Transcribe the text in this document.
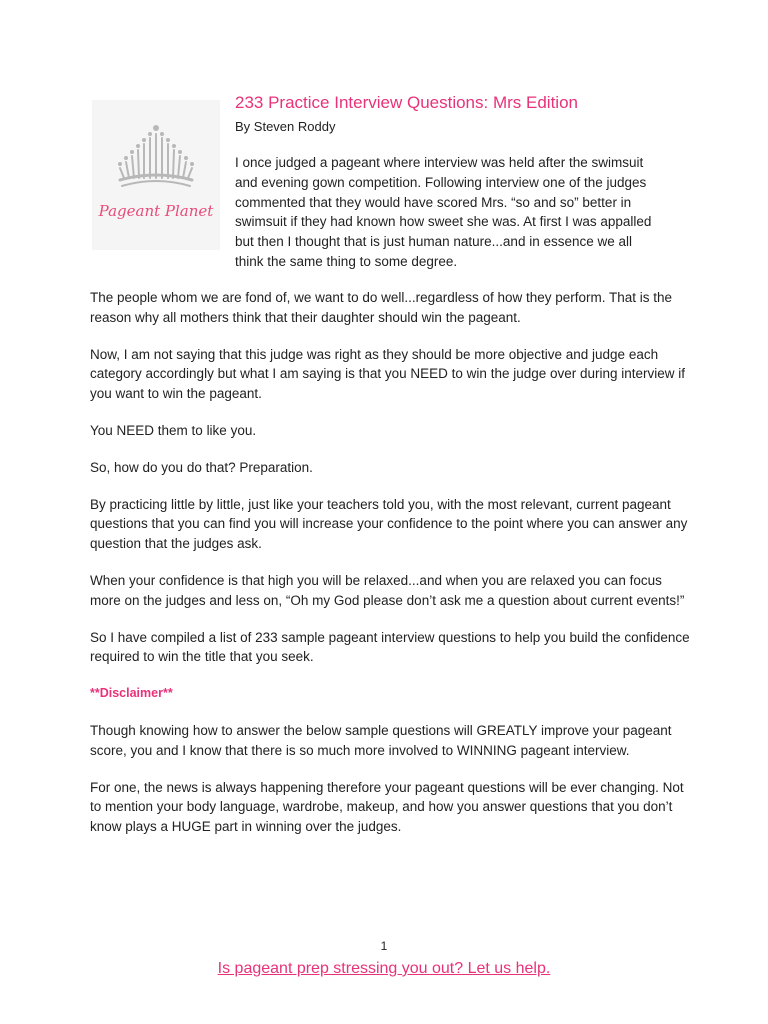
Pageant Planet
233 Practice Interview Questions: Mrs Edition
By Steven Roddy

I once judged a pageant where interview was held after the swimsuit and evening gown competition. Following interview one of the judges commented that they would have scored Mrs. “so and so” better in swimsuit if they had known how sweet she was. At first I was appalled but then I thought that is just human nature...and in essence we all think the same thing to some degree.

The people whom we are fond of, we want to do well...regardless of how they perform. That is the reason why all mothers think that their daughter should win the pageant.

Now, I am not saying that this judge was right as they should be more objective and judge each category accordingly but what I am saying is that you NEED to win the judge over during interview if you want to win the pageant.

You NEED them to like you.

So, how do you do that? Preparation.

By practicing little by little, just like your teachers told you, with the most relevant, current pageant questions that you can find you will increase your confidence to the point where you can answer any question that the judges ask.

When your confidence is that high you will be relaxed...and when you are relaxed you can focus more on the judges and less on, “Oh my God please don’t ask me a question about current events!”

So I have compiled a list of 233 sample pageant interview questions to help you build the confidence required to win the title that you seek.

**Disclaimer**

Though knowing how to answer the below sample questions will GREATLY improve your pageant score, you and I know that there is so much more involved to WINNING pageant interview.

For one, the news is always happening therefore your pageant questions will be ever changing. Not to mention your body language, wardrobe, makeup, and how you answer questions that you don’t know plays a HUGE part in winning over the judges.

1
Is pageant prep stressing you out? Let us help.
